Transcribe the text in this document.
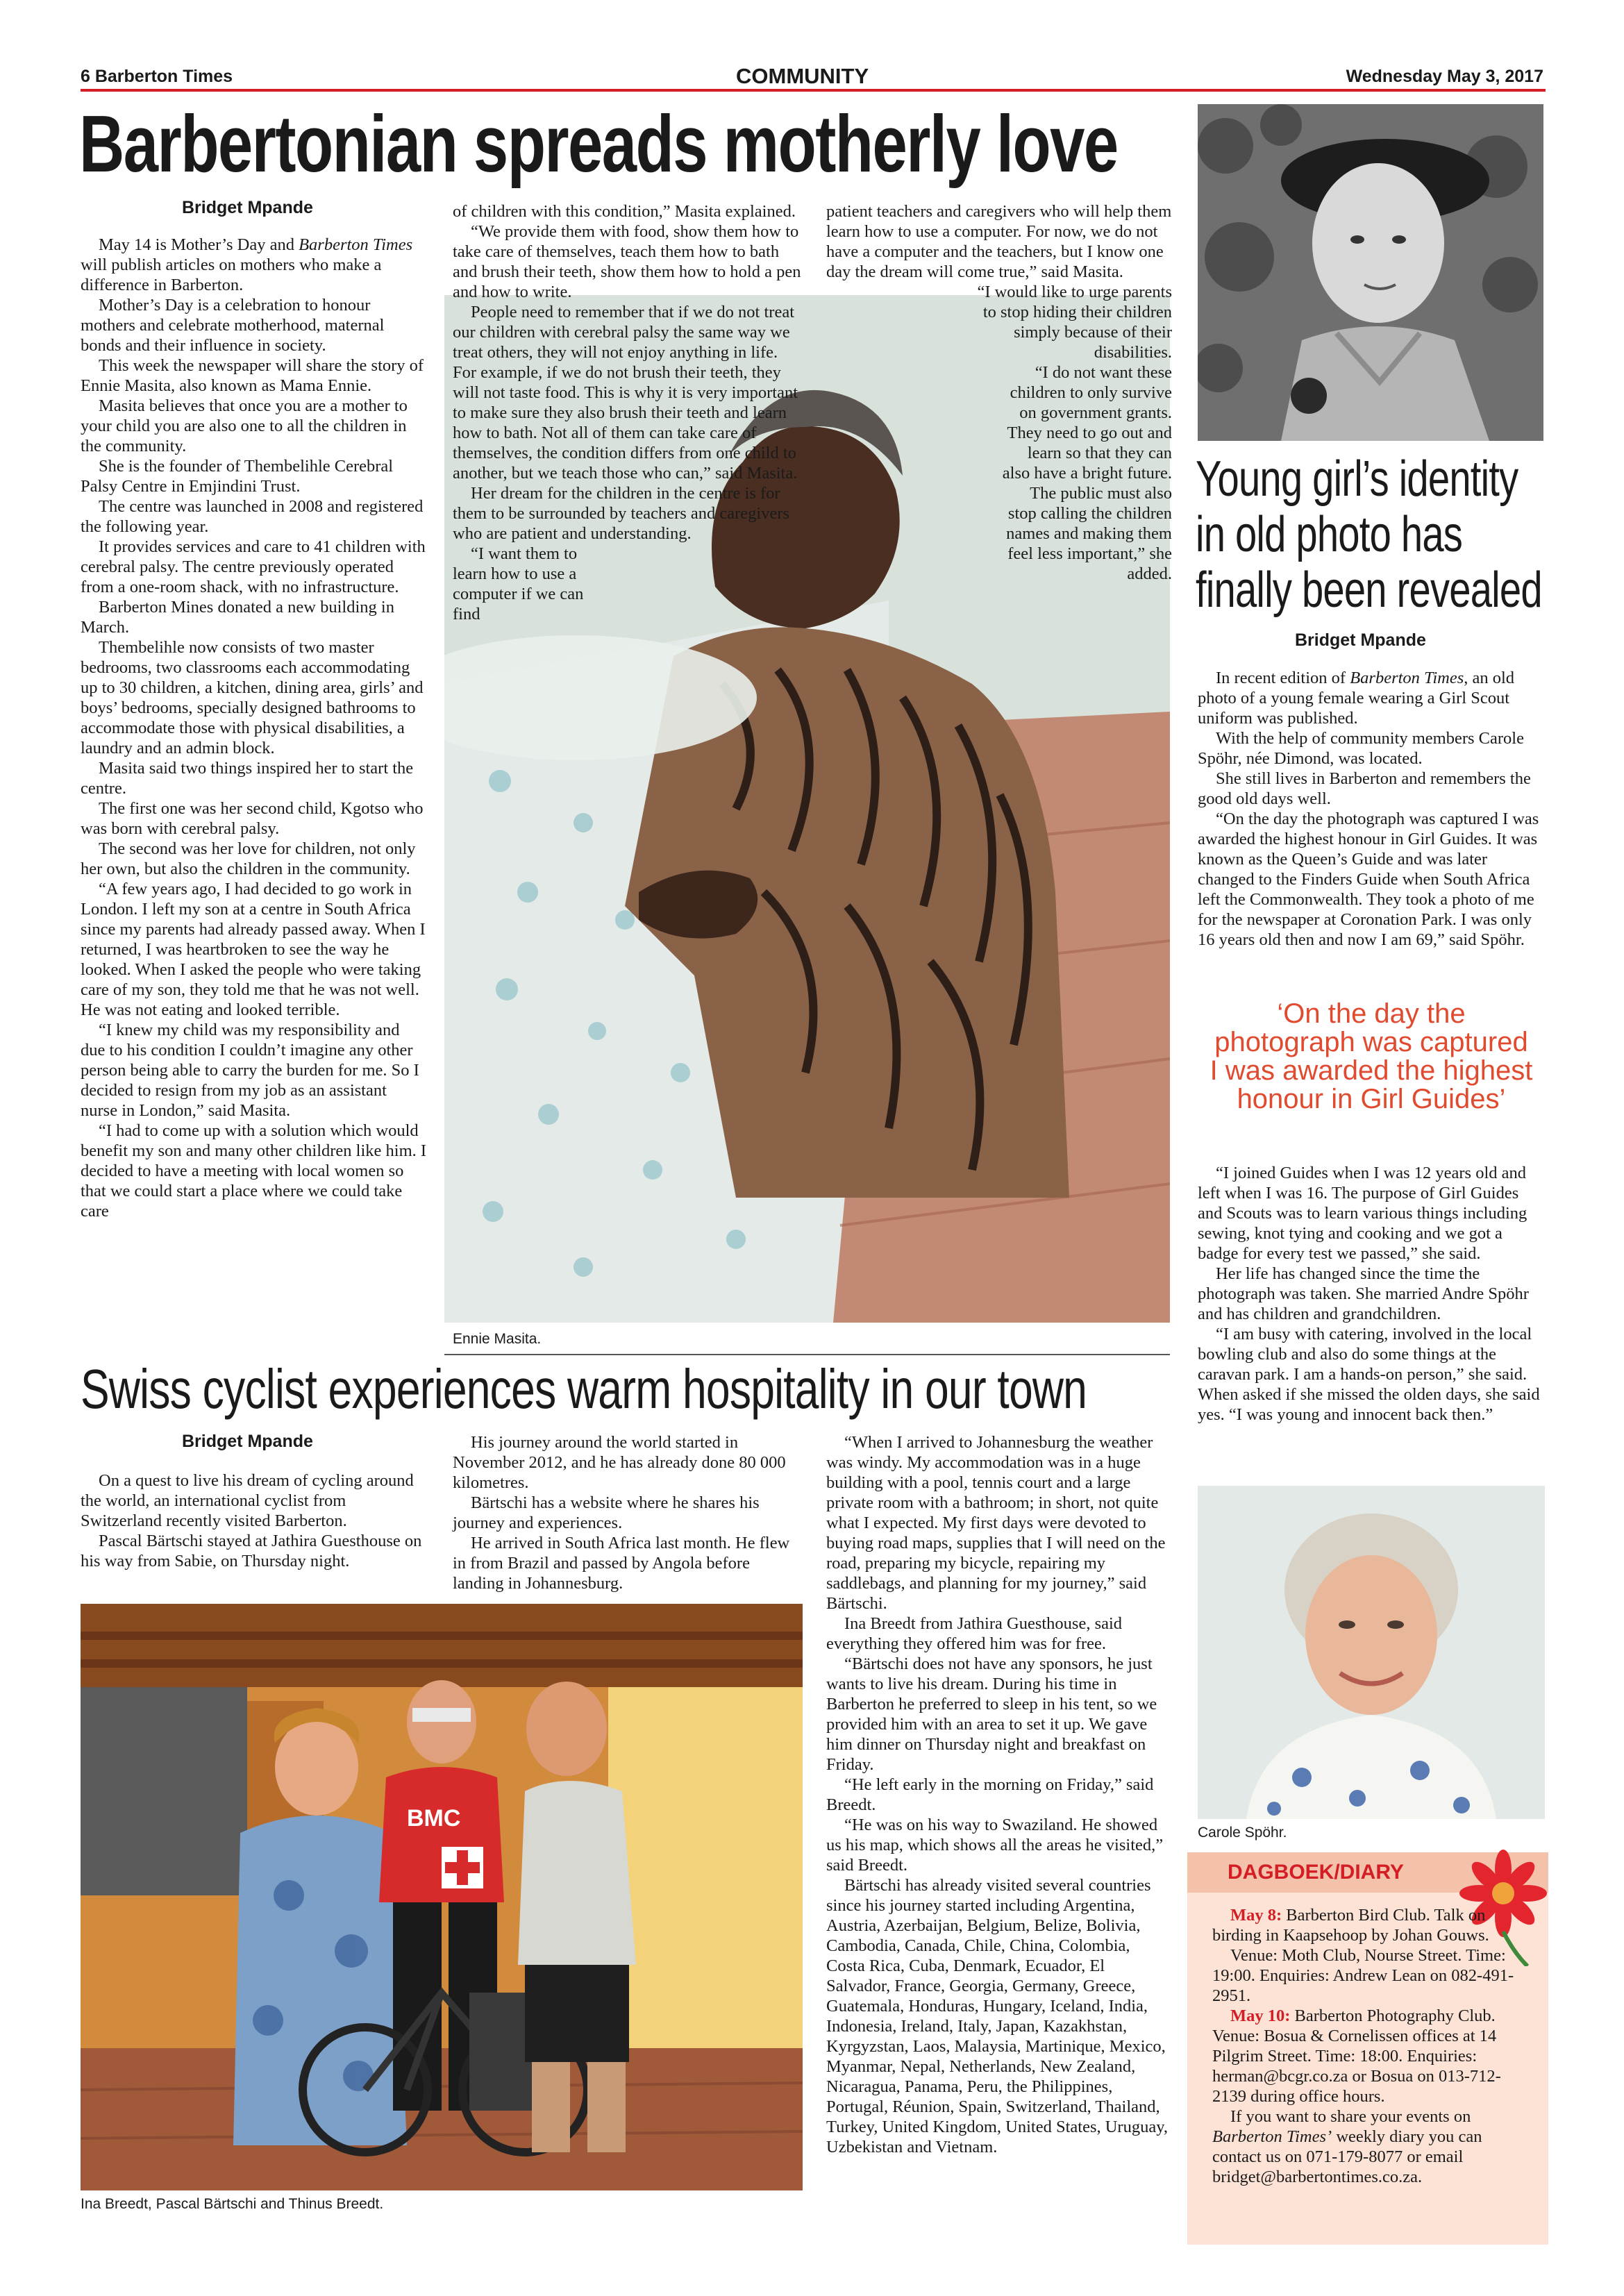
6 Barberton Times	COMMUNITY	Wednesday May 3, 2017
Barbertonian spreads motherly love
Bridget Mpande

May 14 is Mother’s Day and Barberton Times will publish articles on mothers who make a difference in Barberton.

Mother’s Day is a celebration to honour mothers and celebrate motherhood, maternal bonds and their influence in society.

This week the newspaper will share the story of Ennie Masita, also known as Mama Ennie.

Masita believes that once you are a mother to your child you are also one to all the children in the community.

She is the founder of Thembelihle Cerebral Palsy Centre in Emjindini Trust.

The centre was launched in 2008 and registered the following year.

It provides services and care to 41 children with cerebral palsy. The centre previously operated from a one-room shack, with no infrastructure.

Barberton Mines donated a new building in March.

Thembelihle now consists of two master bedrooms, two classrooms each accommodating up to 30 children, a kitchen, dining area, girls’ and boys’ bedrooms, specially designed bathrooms to accommodate those with physical disabilities, a laundry and an admin block.

Masita said two things inspired her to start the centre.

The first one was her second child, Kgotso who was born with cerebral palsy.

The second was her love for children, not only her own, but also the children in the community.

“A few years ago, I had decided to go work in London. I left my son at a centre in South Africa since my parents had already passed away. When I returned, I was heartbroken to see the way he looked. When I asked the people who were taking care of my son, they told me that he was not well. He was not eating and looked terrible.

“I knew my child was my responsibility and due to his condition I couldn’t imagine any other person being able to carry the burden for me. So I decided to resign from my job as an assistant nurse in London,” said Masita.

“I had to come up with a solution which would benefit my son and many other children like him. I decided to have a meeting with local women so that we could start a place where we could take care

of children with this condition,” Masita explained.

“We provide them with food, show them how to take care of themselves, teach them how to bath and brush their teeth, show them how to hold a pen and how to write.

People need to remember that if we do not treat our children with cerebral palsy the same way we treat others, they will not enjoy anything in life. For example, if we do not brush their teeth, they will not taste food. This is why it is very important to make sure they also brush their teeth and learn how to bath. Not all of them can take care of themselves, the condition differs from one child to another, but we teach those who can,” said Masita.

Her dream for the children in the centre is for them to be surrounded by teachers and caregivers who are patient and understanding.

“I want them to learn how to use a computer if we can find

patient teachers and caregivers who will help them learn how to use a computer. For now, we do not have a computer and the teachers, but I know one day the dream will come true,” said Masita.

“I would like to urge parents to stop hiding their children simply because of their disabilities.

“I do not want these children to only survive on government grants. They need to go out and learn so that they can also have a bright future. The public must also stop calling the children names and making them feel less important,” she added.

Ennie Masita.
Young girl’s identity
in old photo has
finally been revealed
Bridget Mpande

In recent edition of Barberton Times, an old photo of a young female wearing a Girl Scout uniform was published.

With the help of community members Carole Spöhr, née Dimond, was located.

She still lives in Barberton and remembers the good old days well.

“On the day the photograph was captured I was awarded the highest honour in Girl Guides. It was known as the Queen’s Guide and was later changed to the Finders Guide when South Africa left the Commonwealth. They took a photo of me for the newspaper at Coronation Park. I was only 16 years old then and now I am 69,” said Spöhr.

‘On the day the photograph was captured I was awarded the highest honour in Girl Guides’

“I joined Guides when I was 12 years old and left when I was 16. The purpose of Girl Guides and Scouts was to learn various things including sewing, knot tying and cooking and we got a badge for every test we passed,” she said.

Her life has changed since the time the photograph was taken. She married Andre Spöhr and has children and grandchildren.

“I am busy with catering, involved in the local bowling club and also do some things at the caravan park. I am a hands-on person,” she said. When asked if she missed the olden days, she said yes. “I was young and innocent back then.”

Carole Spöhr.
DAGBOEK/DIARY

May 8: Barberton Bird Club. Talk on birding in Kaapsehoop by Johan Gouws.

Venue: Moth Club, Nourse Street. Time: 19:00. Enquiries: Andrew Lean on 082-491-2951.

May 10: Barberton Photography Club. Venue: Bosua & Cornelissen offices at 14 Pilgrim Street. Time: 18:00. Enquiries: herman@bcgr.co.za or Bosua on 013-712-2139 during office hours.

If you want to share your events on Barberton Times’ weekly diary you can contact us on 071-179-8077 or email bridget@barbertontimes.co.za.

Swiss cyclist experiences warm hospitality in our town
Bridget Mpande

On a quest to live his dream of cycling around the world, an international cyclist from Switzerland recently visited Barberton.

Pascal Bärtschi stayed at Jathira Guesthouse on his way from Sabie, on Thursday night.

His journey around the world started in November 2012, and he has already done 80 000 kilometres.

Bärtschi has a website where he shares his journey and experiences.

He arrived in South Africa last month. He flew in from Brazil and passed by Angola before landing in Johannesburg.

“When I arrived to Johannesburg the weather was windy. My accommodation was in a huge building with a pool, tennis court and a large private room with a bathroom; in short, not quite what I expected. My first days were devoted to buying road maps, supplies that I will need on the road, preparing my bicycle, repairing my saddlebags, and planning for my journey,” said Bärtschi.

Ina Breedt from Jathira Guesthouse, said everything they offered him was for free.

“Bärtschi does not have any sponsors, he just wants to live his dream. During his time in Barberton he preferred to sleep in his tent, so we provided him with an area to set it up. We gave him dinner on Thursday night and breakfast on Friday.

“He left early in the morning on Friday,” said Breedt.

“He was on his way to Swaziland. He showed us his map, which shows all the areas he visited,” said Breedt.

Bärtschi has already visited several countries since his journey started including Argentina, Austria, Azerbaijan, Belgium, Belize, Bolivia, Cambodia, Canada, Chile, China, Colombia, Costa Rica, Cuba, Denmark, Ecuador, El Salvador, France, Georgia, Germany, Greece, Guatemala, Honduras, Hungary, Iceland, India, Indonesia, Ireland, Italy, Japan, Kazakhstan, Kyrgyzstan, Laos, Malaysia, Martinique, Mexico, Myanmar, Nepal, Netherlands, New Zealand, Nicaragua, Panama, Peru, the Philippines, Portugal, Réunion, Spain, Switzerland, Thailand, Turkey, United Kingdom, United States, Uruguay, Uzbekistan and Vietnam.

BMC
Ina Breedt, Pascal Bärtschi and Thinus Breedt.
